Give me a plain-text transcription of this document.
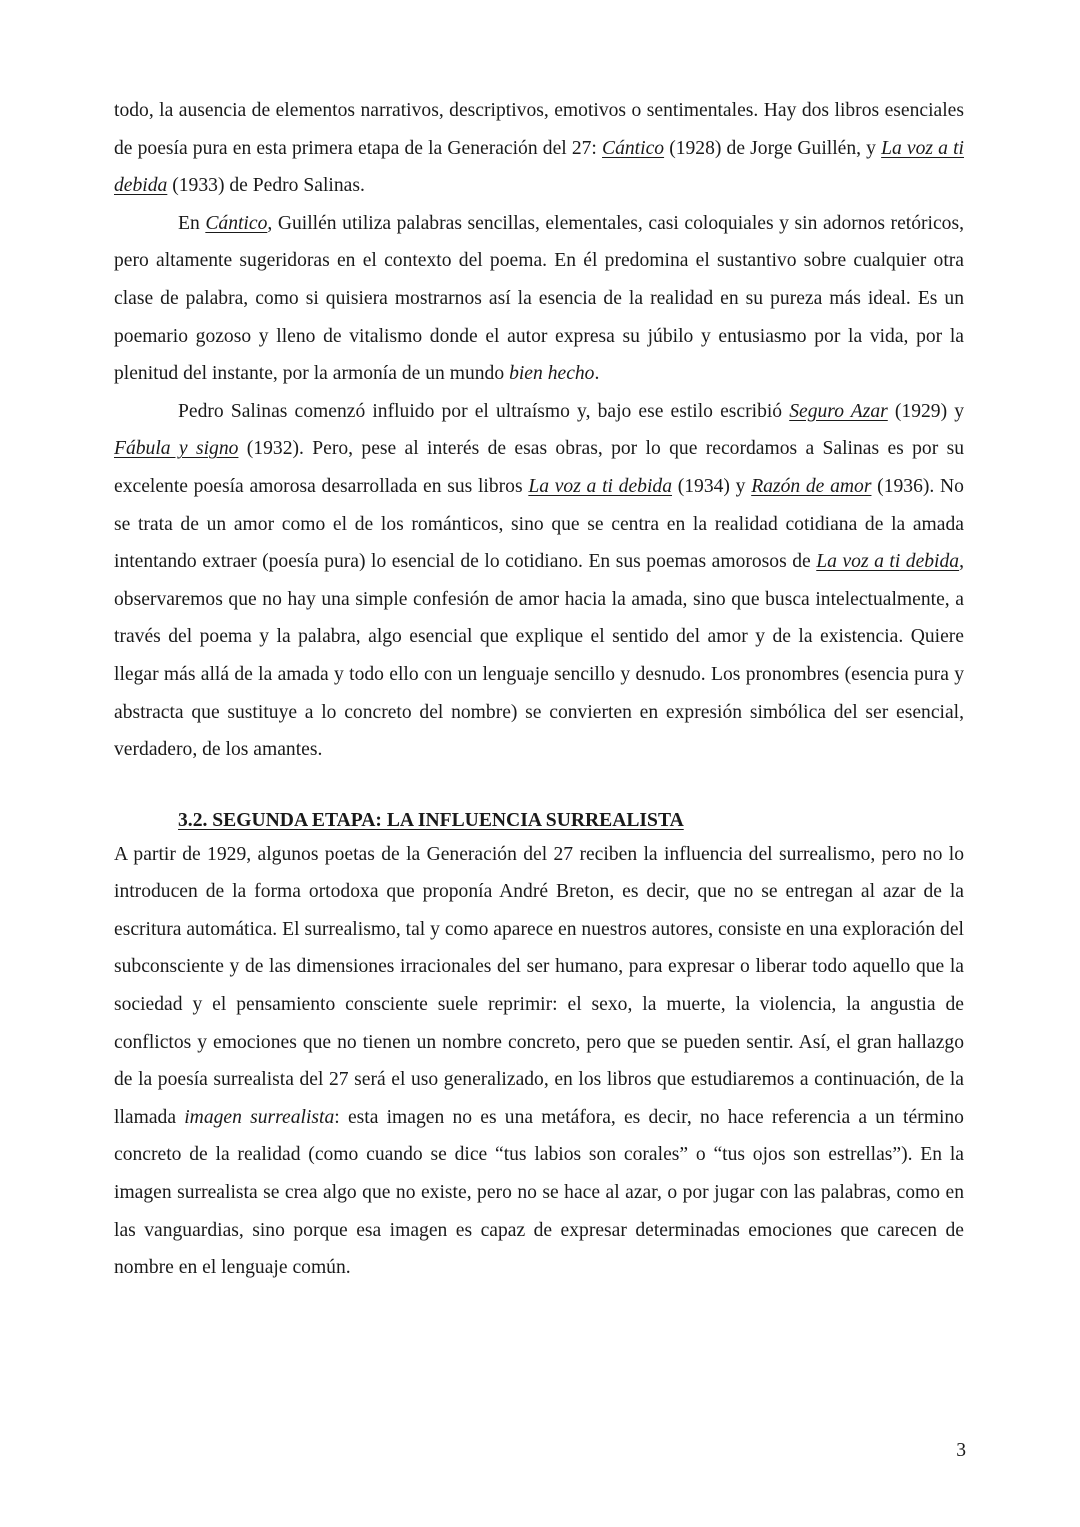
todo, la ausencia de elementos narrativos, descriptivos, emotivos o sentimentales. Hay dos libros esenciales de poesía pura en esta primera etapa de la Generación del 27: Cántico (1928) de Jorge Guillén, y La voz a ti debida (1933) de Pedro Salinas.

En Cántico, Guillén utiliza palabras sencillas, elementales, casi coloquiales y sin adornos retóricos, pero altamente sugeridoras en el contexto del poema. En él predomina el sustantivo sobre cualquier otra clase de palabra, como si quisiera mostrarnos así la esencia de la realidad en su pureza más ideal. Es un poemario gozoso y lleno de vitalismo donde el autor expresa su júbilo y entusiasmo por la vida, por la plenitud del instante, por la armonía de un mundo bien hecho.

Pedro Salinas comenzó influido por el ultraísmo y, bajo ese estilo escribió Seguro Azar (1929) y Fábula y signo (1932). Pero, pese al interés de esas obras, por lo que recordamos a Salinas es por su excelente poesía amorosa desarrollada en sus libros La voz a ti debida (1934) y Razón de amor (1936). No se trata de un amor como el de los románticos, sino que se centra en la realidad cotidiana de la amada intentando extraer (poesía pura) lo esencial de lo cotidiano. En sus poemas amorosos de La voz a ti debida, observaremos que no hay una simple confesión de amor hacia la amada, sino que busca intelectualmente, a través del poema y la palabra, algo esencial que explique el sentido del amor y de la existencia. Quiere llegar más allá de la amada y todo ello con un lenguaje sencillo y desnudo. Los pronombres (esencia pura y abstracta que sustituye a lo concreto del nombre) se convierten en expresión simbólica del ser esencial, verdadero, de los amantes.

3.2. SEGUNDA ETAPA: LA INFLUENCIA SURREALISTA

A partir de 1929, algunos poetas de la Generación del 27 reciben la influencia del surrealismo, pero no lo introducen de la forma ortodoxa que proponía André Breton, es decir, que no se entregan al azar de la escritura automática. El surrealismo, tal y como aparece en nuestros autores, consiste en una exploración del subconsciente y de las dimensiones irracionales del ser humano, para expresar o liberar todo aquello que la sociedad y el pensamiento consciente suele reprimir: el sexo, la muerte, la violencia, la angustia de conflictos y emociones que no tienen un nombre concreto, pero que se pueden sentir. Así, el gran hallazgo de la poesía surrealista del 27 será el uso generalizado, en los libros que estudiaremos a continuación, de la llamada imagen surrealista: esta imagen no es una metáfora, es decir, no hace referencia a un término concreto de la realidad (como cuando se dice “tus labios son corales” o “tus ojos son estrellas”). En la imagen surrealista se crea algo que no existe, pero no se hace al azar, o por jugar con las palabras, como en las vanguardias, sino porque esa imagen es capaz de expresar determinadas emociones que carecen de nombre en el lenguaje común.

3
